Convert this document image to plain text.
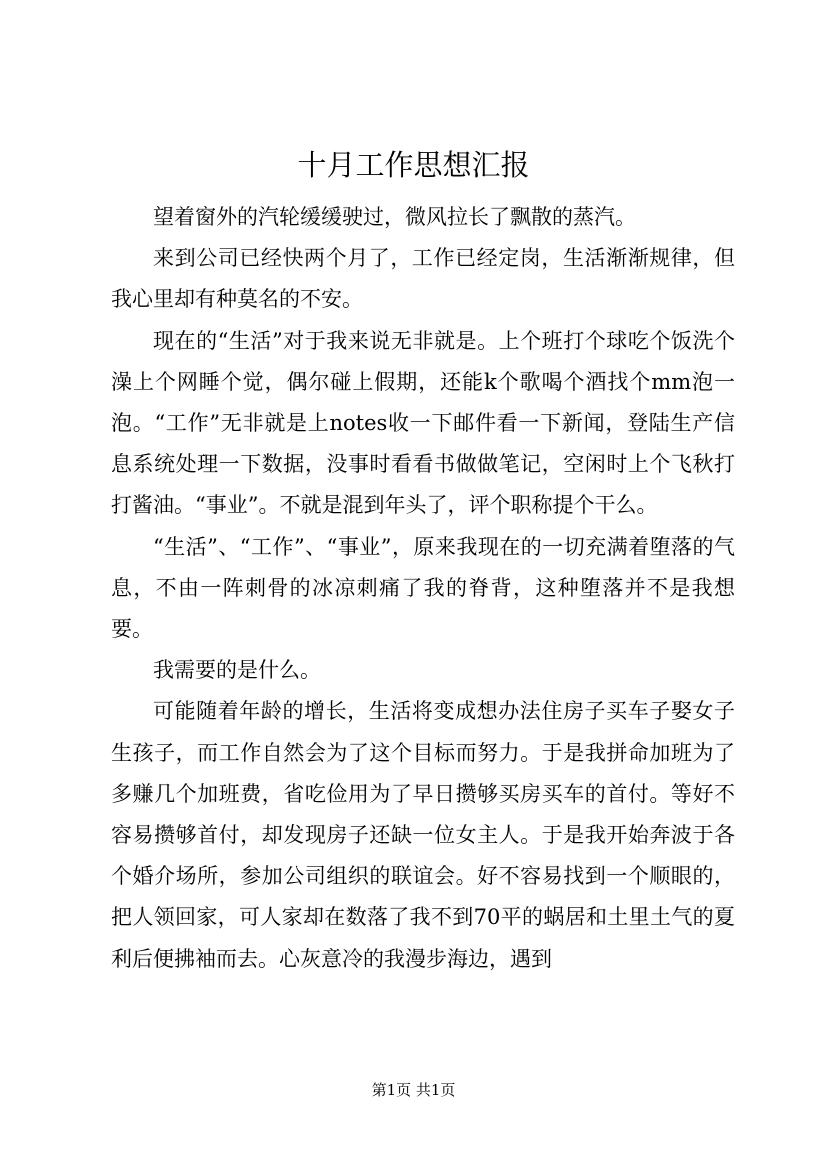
十月工作思想汇报

望着窗外的汽轮缓缓驶过，微风拉长了飘散的蒸汽。

来到公司已经快两个月了，工作已经定岗，生活渐渐规律，但我心里却有种莫名的不安。

现在的“生活”对于我来说无非就是。上个班打个球吃个饭洗个澡上个网睡个觉，偶尔碰上假期，还能k个歌喝个酒找个mm泡一泡。“工作”无非就是上notes收一下邮件看一下新闻，登陆生产信息系统处理一下数据，没事时看看书做做笔记，空闲时上个飞秋打打酱油。“事业”。不就是混到年头了，评个职称提个干么。

“生活”、“工作”、“事业”，原来我现在的一切充满着堕落的气息，不由一阵刺骨的冰凉刺痛了我的脊背，这种堕落并不是我想要。

我需要的是什么。

可能随着年龄的增长，生活将变成想办法住房子买车子娶女子生孩子，而工作自然会为了这个目标而努力。于是我拼命加班为了多赚几个加班费，省吃俭用为了早日攒够买房买车的首付。等好不容易攒够首付，却发现房子还缺一位女主人。于是我开始奔波于各个婚介场所，参加公司组织的联谊会。好不容易找到一个顺眼的，把人领回家，可人家却在数落了我不到70平的蜗居和土里土气的夏利后便拂袖而去。心灰意冷的我漫步海边，遇到

第1页 共1页
